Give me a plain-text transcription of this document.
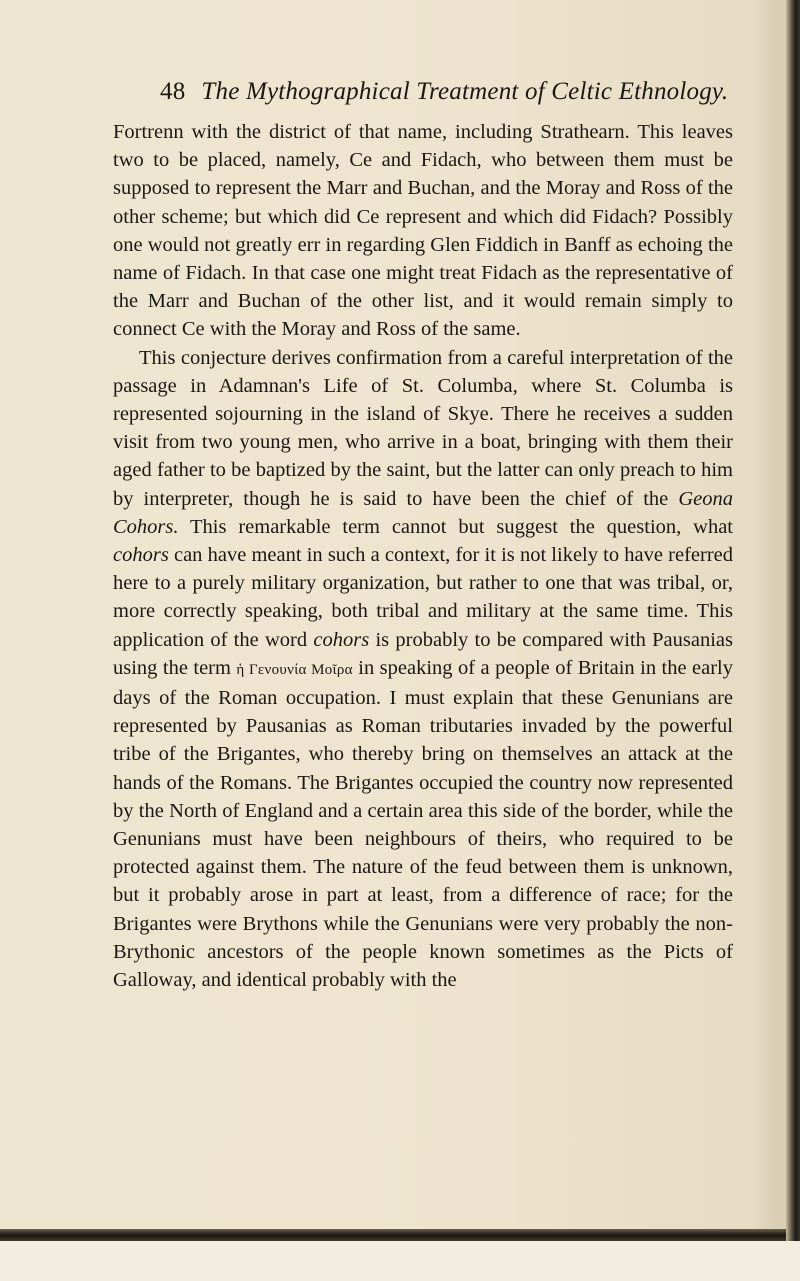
48 The Mythographical Treatment of Celtic Ethnology.

Fortrenn with the district of that name, including Strathearn. This leaves two to be placed, namely, Ce and Fidach, who between them must be supposed to represent the Marr and Buchan, and the Moray and Ross of the other scheme; but which did Ce represent and which did Fidach? Possibly one would not greatly err in regarding Glen Fiddich in Banff as echoing the name of Fidach. In that case one might treat Fidach as the representative of the Marr and Buchan of the other list, and it would remain simply to connect Ce with the Moray and Ross of the same.

This conjecture derives confirmation from a careful interpretation of the passage in Adamnan's Life of St. Columba, where St. Columba is represented sojourning in the island of Skye. There he receives a sudden visit from two young men, who arrive in a boat, bringing with them their aged father to be baptized by the saint, but the latter can only preach to him by interpreter, though he is said to have been the chief of the Geona Cohors. This remarkable term cannot but suggest the question, what cohors can have meant in such a context, for it is not likely to have referred here to a purely military organization, but rather to one that was tribal, or, more correctly speaking, both tribal and military at the same time. This application of the word cohors is probably to be compared with Pausanias using the term ἡ Γενουνία Μοῖρα in speaking of a people of Britain in the early days of the Roman occupation. I must explain that these Genunians are represented by Pausanias as Roman tributaries invaded by the powerful tribe of the Brigantes, who thereby bring on themselves an attack at the hands of the Romans. The Brigantes occupied the country now represented by the North of England and a certain area this side of the border, while the Genunians must have been neighbours of theirs, who required to be protected against them. The nature of the feud between them is unknown, but it probably arose in part at least, from a difference of race; for the Brigantes were Brythons while the Genunians were very probably the non-Brythonic ancestors of the people known sometimes as the Picts of Galloway, and identical probably with the
